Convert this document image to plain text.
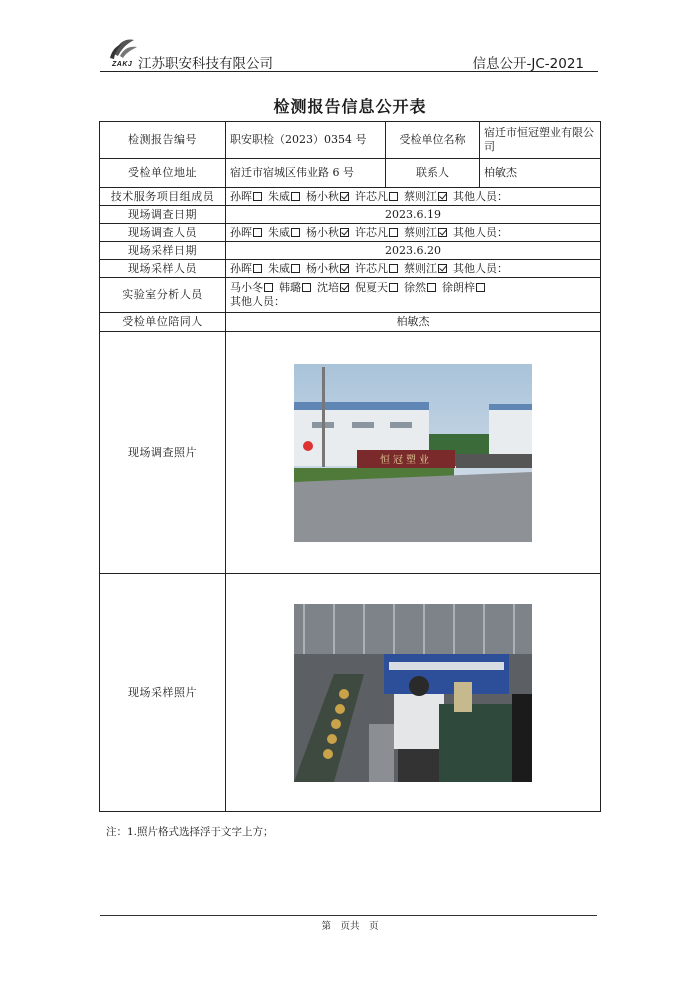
ZAKJ 江苏职安科技有限公司	信息公开-JC-2021
检测报告信息公开表
检测报告编号	职安职检（2023）0354 号	受检单位名称	宿迁市恒冠塑业有限公司
受检单位地址	宿迁市宿城区伟业路 6 号	联系人	柏敏杰
技术服务项目组成员	孙晖 朱威 杨小秋 许芯凡 蔡则江 其他人员：		
现场调查日期	2023.6.19		
现场调查人员	孙晖 朱威 杨小秋 许芯凡 蔡则江 其他人员：		
现场采样日期	2023.6.20		
现场采样人员	孙晖 朱威 杨小秋 许芯凡 蔡则江 其他人员：		
实验室分析人员	马小冬 韩璐 沈培 倪夏天 徐然 徐朗梓
其他人员：		

受检单位陪同人	柏敏杰		
现场调查照片	恒冠塑业		

现场采样照片	
注：1.照片格式选择浮于文字上方；
第　页共　页
